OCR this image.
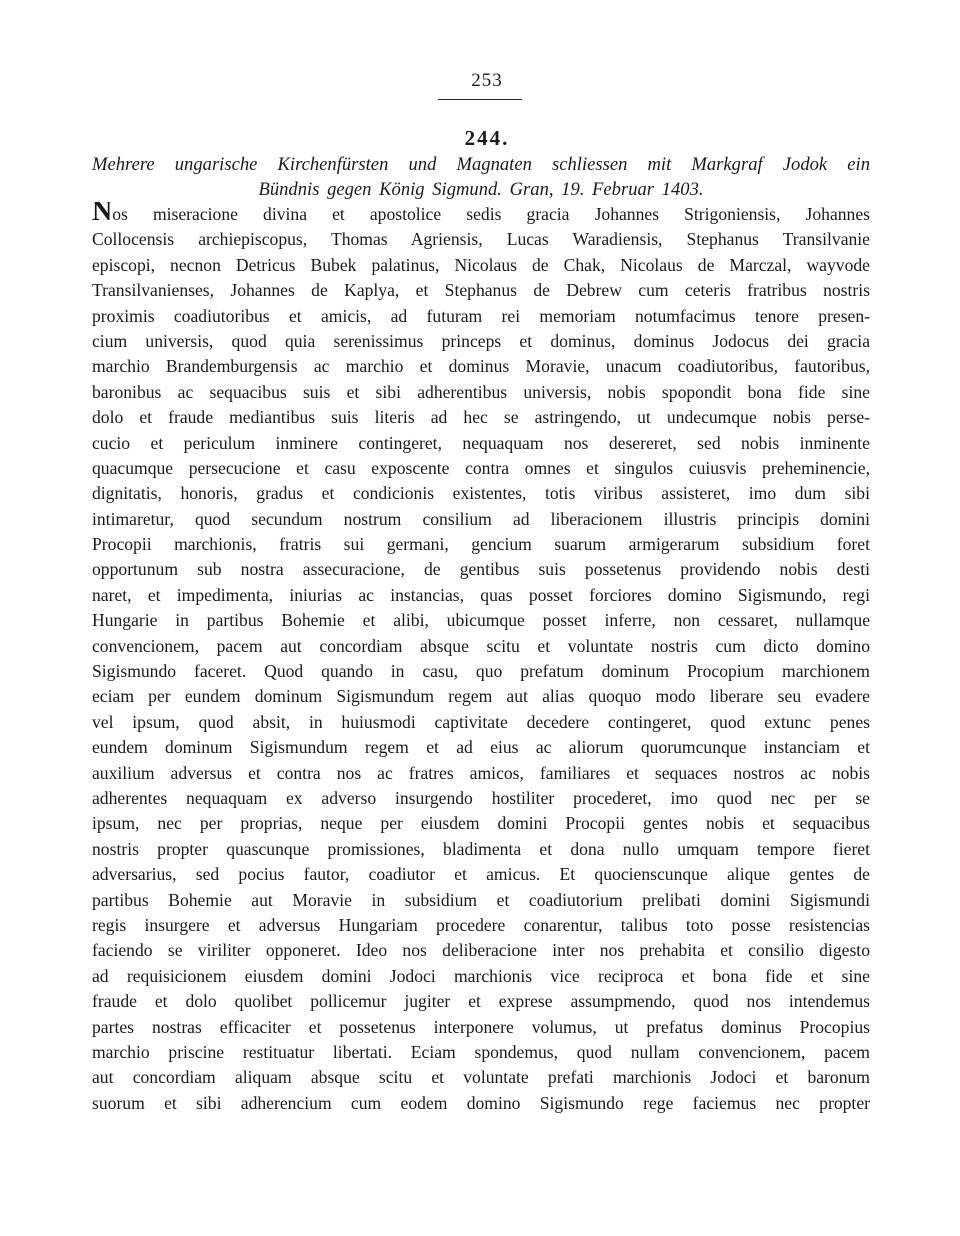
253
244.
Mehrere ungarische Kirchenfürsten und Magnaten schliessen mit Markgraf Jodok ein
Bündnis gegen König Sigmund. Gran, 19. Februar 1403.
Nos miseracione divina et apostolice sedis gracia Johannes Strigoniensis, Johannes
Collocensis archiepiscopus, Thomas Agriensis, Lucas Waradiensis, Stephanus Transilvanie
episcopi, necnon Detricus Bubek palatinus, Nicolaus de Chak, Nicolaus de Marczal, wayvode
Transilvanienses, Johannes de Kaplya, et Stephanus de Debrew cum ceteris fratribus nostris
proximis coadiutoribus et amicis, ad futuram rei memoriam notumfacimus tenore presen-
cium universis, quod quia serenissimus princeps et dominus, dominus Jodocus dei gracia
marchio Brandemburgensis ac marchio et dominus Moravie, unacum coadiutoribus, fautoribus,
baronibus ac sequacibus suis et sibi adherentibus universis, nobis spopondit bona fide sine
dolo et fraude mediantibus suis literis ad hec se astringendo, ut undecumque nobis perse-
cucio et periculum inminere contingeret, nequaquam nos desereret, sed nobis inminente
quacumque persecucione et casu exposcente contra omnes et singulos cuiusvis preheminencie,
dignitatis, honoris, gradus et condicionis existentes, totis viribus assisteret, imo dum sibi
intimaretur, quod secundum nostrum consilium ad liberacionem illustris principis domini
Procopii marchionis, fratris sui germani, gencium suarum armigerarum subsidium foret
opportunum sub nostra assecuracione, de gentibus suis possetenus providendo nobis desti
naret, et impedimenta, iniurias ac instancias, quas posset forciores domino Sigismundo, regi
Hungarie in partibus Bohemie et alibi, ubicumque posset inferre, non cessaret, nullamque
convencionem, pacem aut concordiam absque scitu et voluntate nostris cum dicto domino
Sigismundo faceret. Quod quando in casu, quo prefatum dominum Procopium marchionem
eciam per eundem dominum Sigismundum regem aut alias quoquo modo liberare seu evadere
vel ipsum, quod absit, in huiusmodi captivitate decedere contingeret, quod extunc penes
eundem dominum Sigismundum regem et ad eius ac aliorum quorumcunque instanciam et
auxilium adversus et contra nos ac fratres amicos, familiares et sequaces nostros ac nobis
adherentes nequaquam ex adverso insurgendo hostiliter procederet, imo quod nec per se
ipsum, nec per proprias, neque per eiusdem domini Procopii gentes nobis et sequacibus
nostris propter quascunque promissiones, bladimenta et dona nullo umquam tempore fieret
adversarius, sed pocius fautor, coadiutor et amicus. Et quocienscunque alique gentes de
partibus Bohemie aut Moravie in subsidium et coadiutorium prelibati domini Sigismundi
regis insurgere et adversus Hungariam procedere conarentur, talibus toto posse resistencias
faciendo se viriliter opponeret. Ideo nos deliberacione inter nos prehabita et consilio digesto
ad requisicionem eiusdem domini Jodoci marchionis vice reciproca et bona fide et sine
fraude et dolo quolibet pollicemur jugiter et exprese assumpmendo, quod nos intendemus
partes nostras efficaciter et possetenus interponere volumus, ut prefatus dominus Procopius
marchio priscine restituatur libertati. Eciam spondemus, quod nullam convencionem, pacem
aut concordiam aliquam absque scitu et voluntate prefati marchionis Jodoci et baronum
suorum et sibi adherencium cum eodem domino Sigismundo rege faciemus nec propter
